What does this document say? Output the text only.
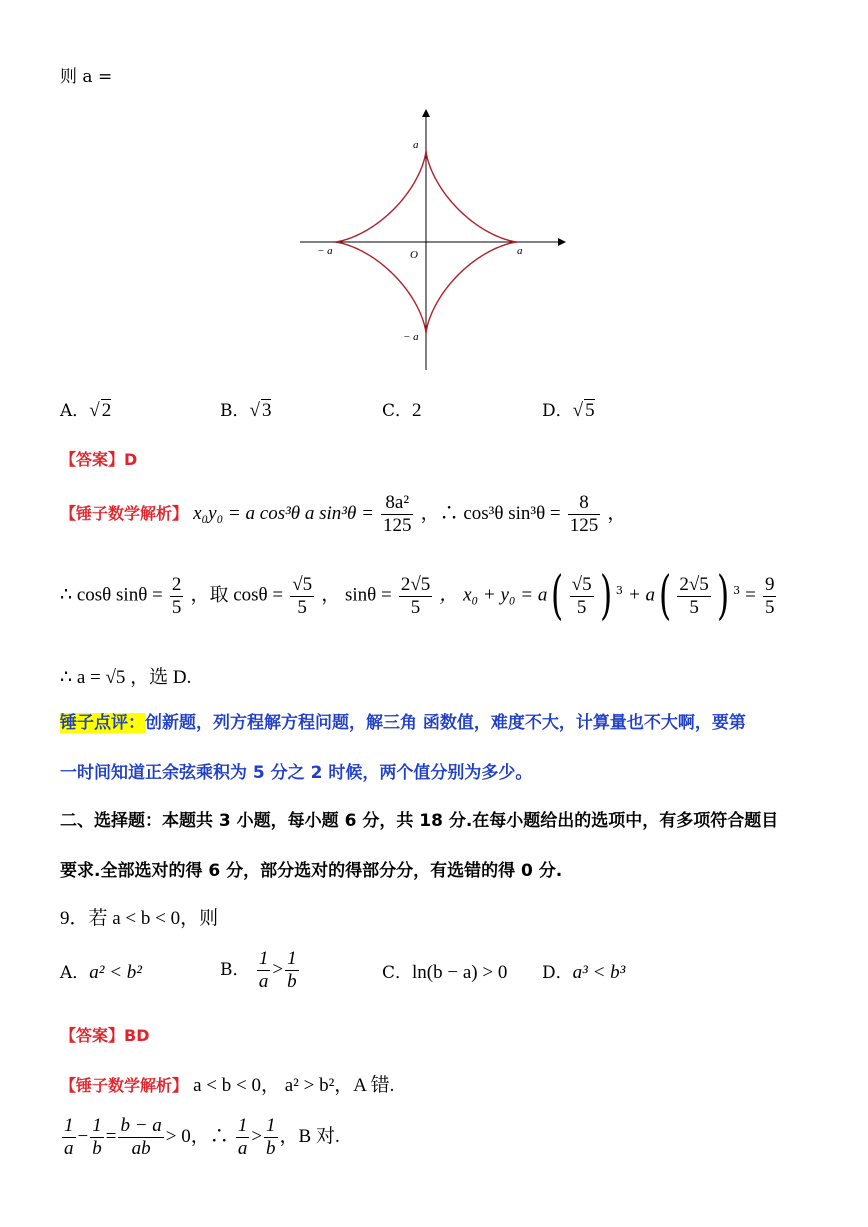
则 a =
a
− a
− a	a
O
A．√ 2	B．√ 3	C．2	D．√ 5
【答案】D
【锤子数学解析】 x₀y₀ = a cos³θ a $\sin^3\theta = \frac{\text{8a²}}{125}$ ，∴ cos³θ $\sin^3\theta = \frac{8}{125}$ ，
∴ cosθ $\sin\theta = \frac{2}{5}$ ，取 $\cos\theta = \frac{√5}{5}$ ， $\sin\theta = \frac{2√5}{5}$ ， $x_0 + y_0 = a( \frac{√5}{5}$ ) $^3 + a( \frac{2√5}{5}$ ) $^3 = \frac{9}{5}$
∴ a = √5 ，选 D.
锤子点评：创新题，列方程解方程问题，解三角 函数值，难度不大，计算量也不大啊，要第
一时间知道正余弦乘积为 5 分之 2 时候，两个值分别为多少。
二、选择题：本题共 3 小题，每小题 6 分，共 18 分.在每小题给出的选项中，有多项符合题目
要求.全部选对的得 6 分，部分选对的得部分分，有选错的得 0 分.
9．若 a < b < 0，则
A．a² < b²	B． $\frac{1}{a} > \frac{1}{b}$	C．ln(b − a) > 0 D．a³ < b³
【答案】BD
【锤子数学解析】 a < b < 0， a² > b²，A 错.
$\frac{1}{a} - \frac{1}{b} = \frac{b - a}{ab} > 0$，∴ $\frac{1}{a} > \frac{1}{b}$ ，B 对.
